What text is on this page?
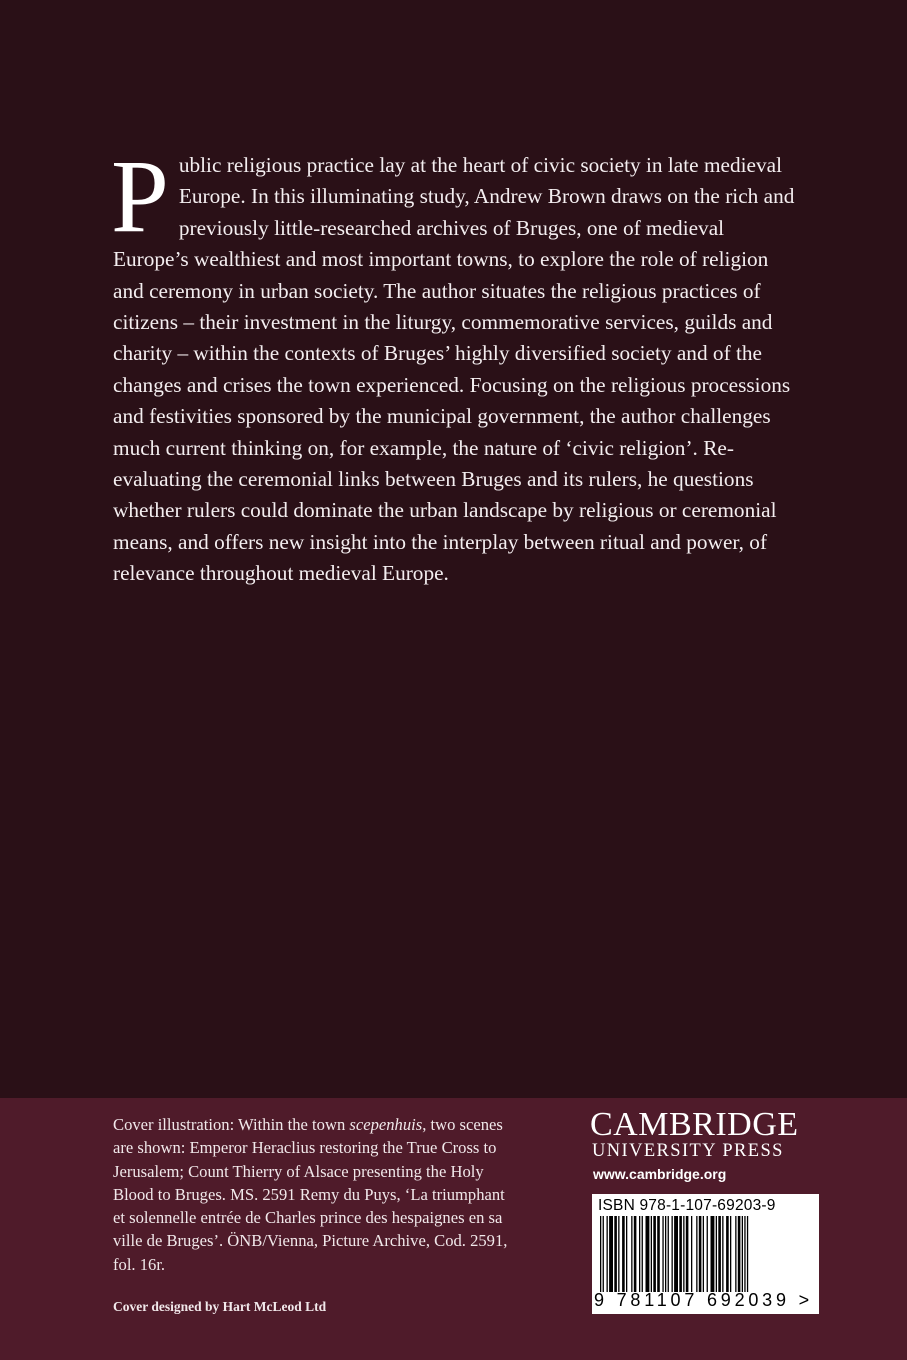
Public religious practice lay at the heart of civic society in late medieval Europe. In this illuminating study, Andrew Brown draws on the rich and previously little-researched archives of Bruges, one of medieval Europe’s wealthiest and most important towns, to explore the role of religion and ceremony in urban society. The author situates the religious practices of citizens – their investment in the liturgy, commemorative services, guilds and charity – within the contexts of Bruges’ highly diversified society and of the changes and crises the town experienced. Focusing on the religious processions and festivities sponsored by the municipal government, the author challenges much current thinking on, for example, the nature of ‘civic religion’. Re-evaluating the ceremonial links between Bruges and its rulers, he questions whether rulers could dominate the urban landscape by religious or ceremonial means, and offers new insight into the interplay between ritual and power, of relevance throughout medieval Europe.

Cover illustration: Within the town scepenhuis, two scenes are shown: Emperor Heraclius restoring the True Cross to Jerusalem; Count Thierry of Alsace presenting the Holy Blood to Bruges. MS. 2591 Remy du Puys, ‘La triumphant et solennelle entrée de Charles prince des hespaignes en sa ville de Bruges’. ÖNB/Vienna, Picture Archive, Cod. 2591, fol. 16r.

Cover designed by Hart McLeod Ltd
CAMBRIDGE
UNIVERSITY PRESS
www.cambridge.org
ISBN 978-1-107-69203-9
9 781107 692039 >
